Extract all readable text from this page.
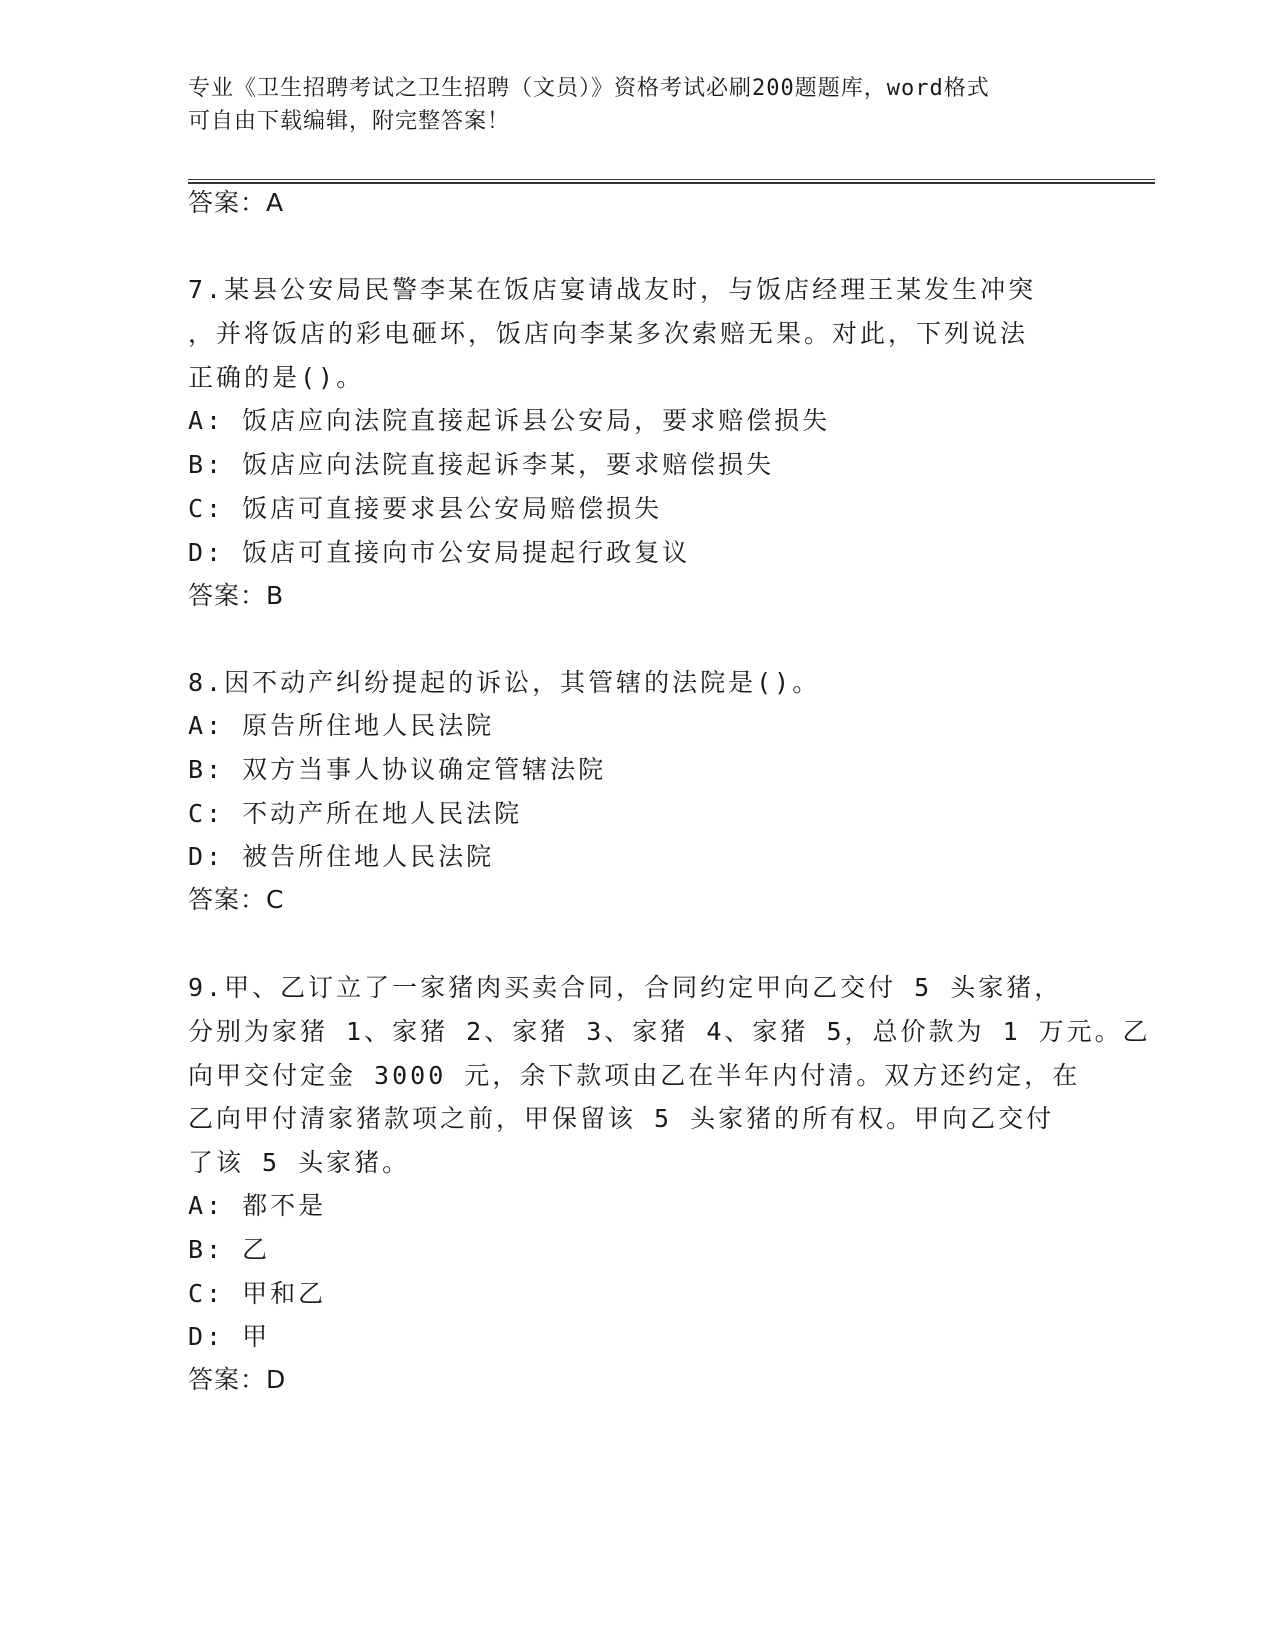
专业《卫生招聘考试之卫生招聘（文员）》资格考试必刷200题题库，word格式
可自由下载编辑，附完整答案！
答案：A
7.某县公安局民警李某在饭店宴请战友时，与饭店经理王某发生冲突
，并将饭店的彩电砸坏，饭店向李某多次索赔无果。对此，下列说法
正确的是()。
A: 饭店应向法院直接起诉县公安局，要求赔偿损失
B: 饭店应向法院直接起诉李某，要求赔偿损失
C: 饭店可直接要求县公安局赔偿损失
D: 饭店可直接向市公安局提起行政复议
答案：B
8.因不动产纠纷提起的诉讼，其管辖的法院是()。
A: 原告所住地人民法院
B: 双方当事人协议确定管辖法院
C: 不动产所在地人民法院
D: 被告所住地人民法院
答案：C
9.甲、乙订立了一家猪肉买卖合同，合同约定甲向乙交付 5 头家猪，
分别为家猪 1、家猪 2、家猪 3、家猪 4、家猪 5，总价款为 1 万元。乙
向甲交付定金 3000 元，余下款项由乙在半年内付清。双方还约定，在
乙向甲付清家猪款项之前，甲保留该 5 头家猪的所有权。甲向乙交付
了该 5 头家猪。
A: 都不是
B: 乙
C: 甲和乙
D: 甲
答案：D
